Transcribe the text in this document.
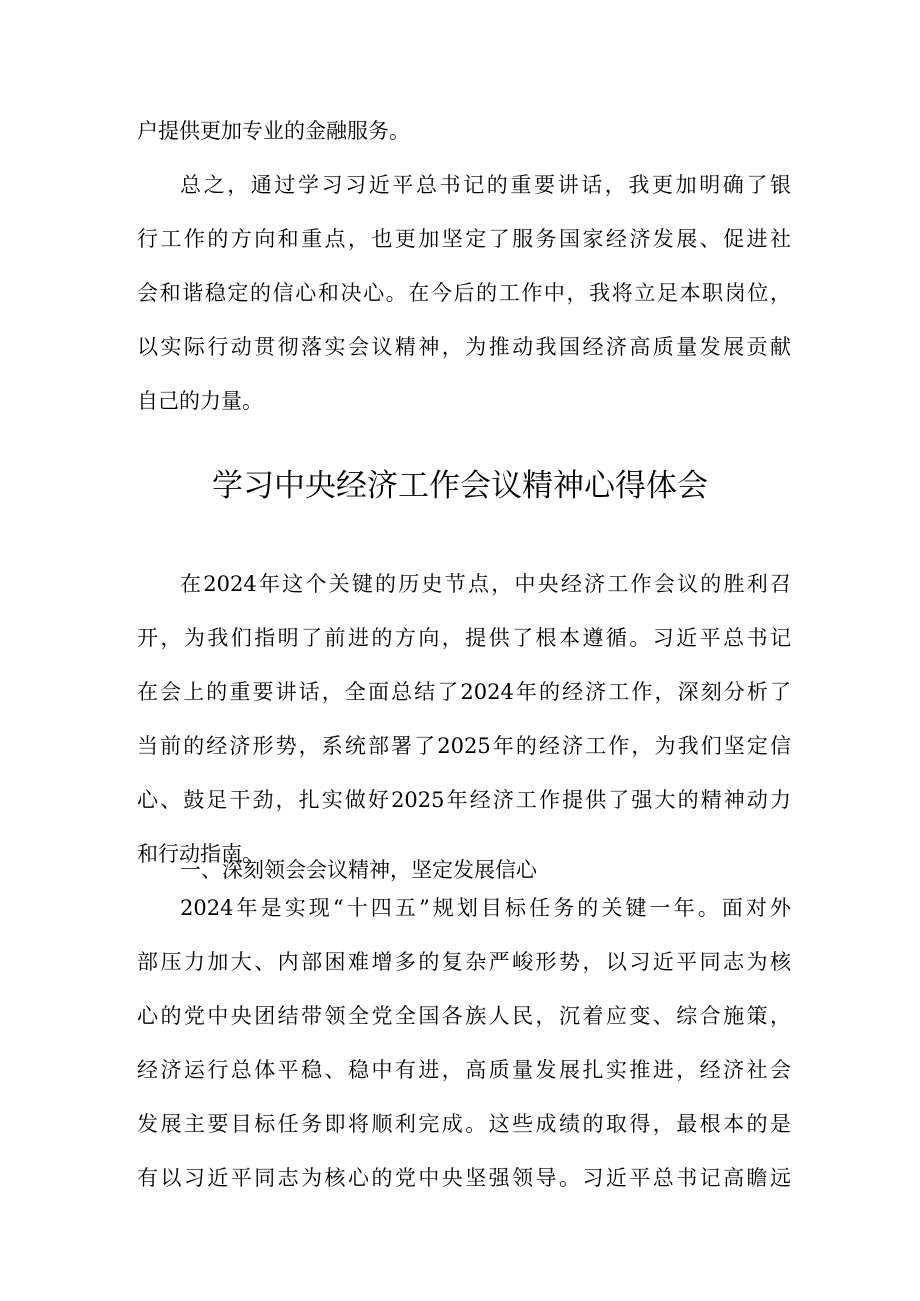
户提供更加专业的金融服务。
总之，通过学习习近平总书记的重要讲话，我更加明确了银
行工作的方向和重点，也更加坚定了服务国家经济发展、促进社
会和谐稳定的信心和决心。在今后的工作中，我将立足本职岗位，
以实际行动贯彻落实会议精神，为推动我国经济高质量发展贡献
自己的力量。
学习中央经济工作会议精神心得体会
在2024年这个关键的历史节点，中央经济工作会议的胜利召
开，为我们指明了前进的方向，提供了根本遵循。习近平总书记
在会上的重要讲话，全面总结了2024年的经济工作，深刻分析了
当前的经济形势，系统部署了2025年的经济工作，为我们坚定信
心、鼓足干劲，扎实做好2025年经济工作提供了强大的精神动力
和行动指南。
一、深刻领会会议精神，坚定发展信心
2024年是实现“十四五”规划目标任务的关键一年。面对外
部压力加大、内部困难增多的复杂严峻形势，以习近平同志为核
心的党中央团结带领全党全国各族人民，沉着应变、综合施策，
经济运行总体平稳、稳中有进，高质量发展扎实推进，经济社会
发展主要目标任务即将顺利完成。这些成绩的取得，最根本的是
有以习近平同志为核心的党中央坚强领导。习近平总书记高瞻远
